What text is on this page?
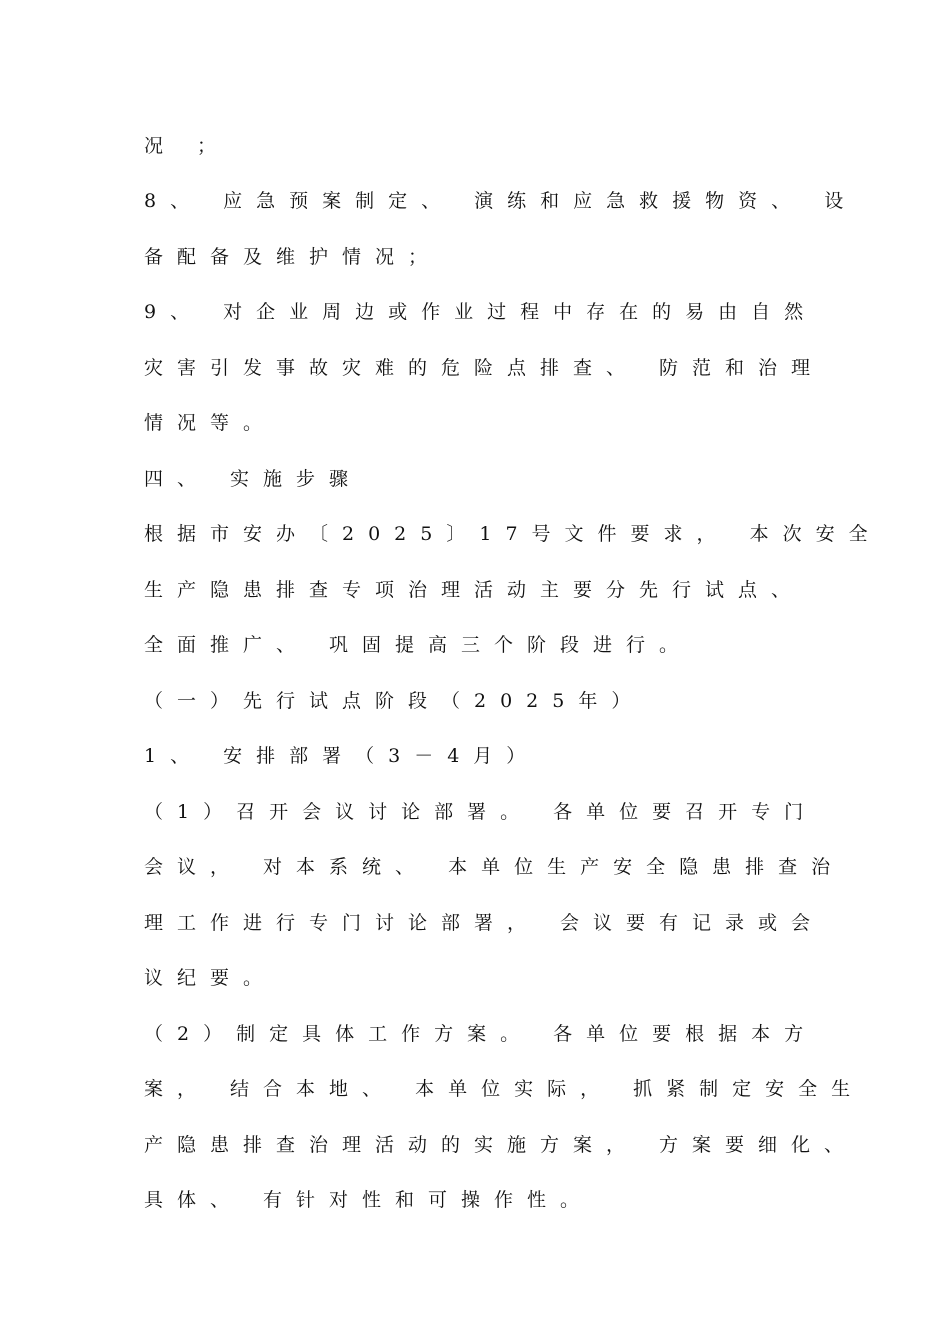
况 ；
8、 应急预案制定、 演练和应急救援物资、 设
备配备及维护情况；
9、 对企业周边或作业过程中存在的易由自然
灾害引发事故灾难的危险点排查、 防范和治理
情况等。
四、 实施步骤
根据市安办〔2025〕17号文件要求， 本次安全
生产隐患排查专项治理活动主要分先行试点、
全面推广、 巩固提高三个阶段进行。
（一）先行试点阶段（2025年）
1、 安排部署（3－4月）
（1）召开会议讨论部署。 各单位要召开专门
会议， 对本系统、 本单位生产安全隐患排查治
理工作进行专门讨论部署， 会议要有记录或会
议纪要。
（2）制定具体工作方案。 各单位要根据本方
案， 结合本地、 本单位实际， 抓紧制定安全生
产隐患排查治理活动的实施方案， 方案要细化、
具体、 有针对性和可操作性。
